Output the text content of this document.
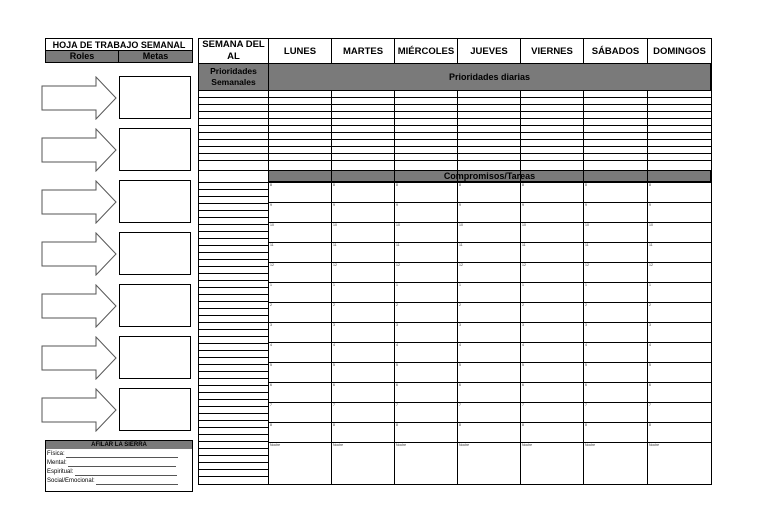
HOJA DE TRABAJO SEMANAL
Roles	Metas
AFILAR LA SIERRA
Física:
Mental:
Espiritual:
Social/Emocional:
SEMANA DEL AL	LUNES	MARTES	MIÉRCOLES	JUEVES	VIERNES	SÁBADOS	DOMINGOS
Prioridades Semanales	Prioridades diarias
Compromisos/Tareas
8	8	8	8	8	8	8
9	9	9	9	9	9	9
10	10	10	10	10	10	10
11	11	11	11	11	11	11
12	12	12	12	12	12	12
1	1	1	1	1	1	1
2	2	2	2	2	2	2
3	3	3	3	3	3	3
4	4	4	4	4	4	4
5	5	5	5	5	5	5
6	6	6	6	6	6	6
7	7	7	7	7	7	7
8	8	8	8	8	8	8
Noche	Noche	Noche	Noche	Noche	Noche	Noche
